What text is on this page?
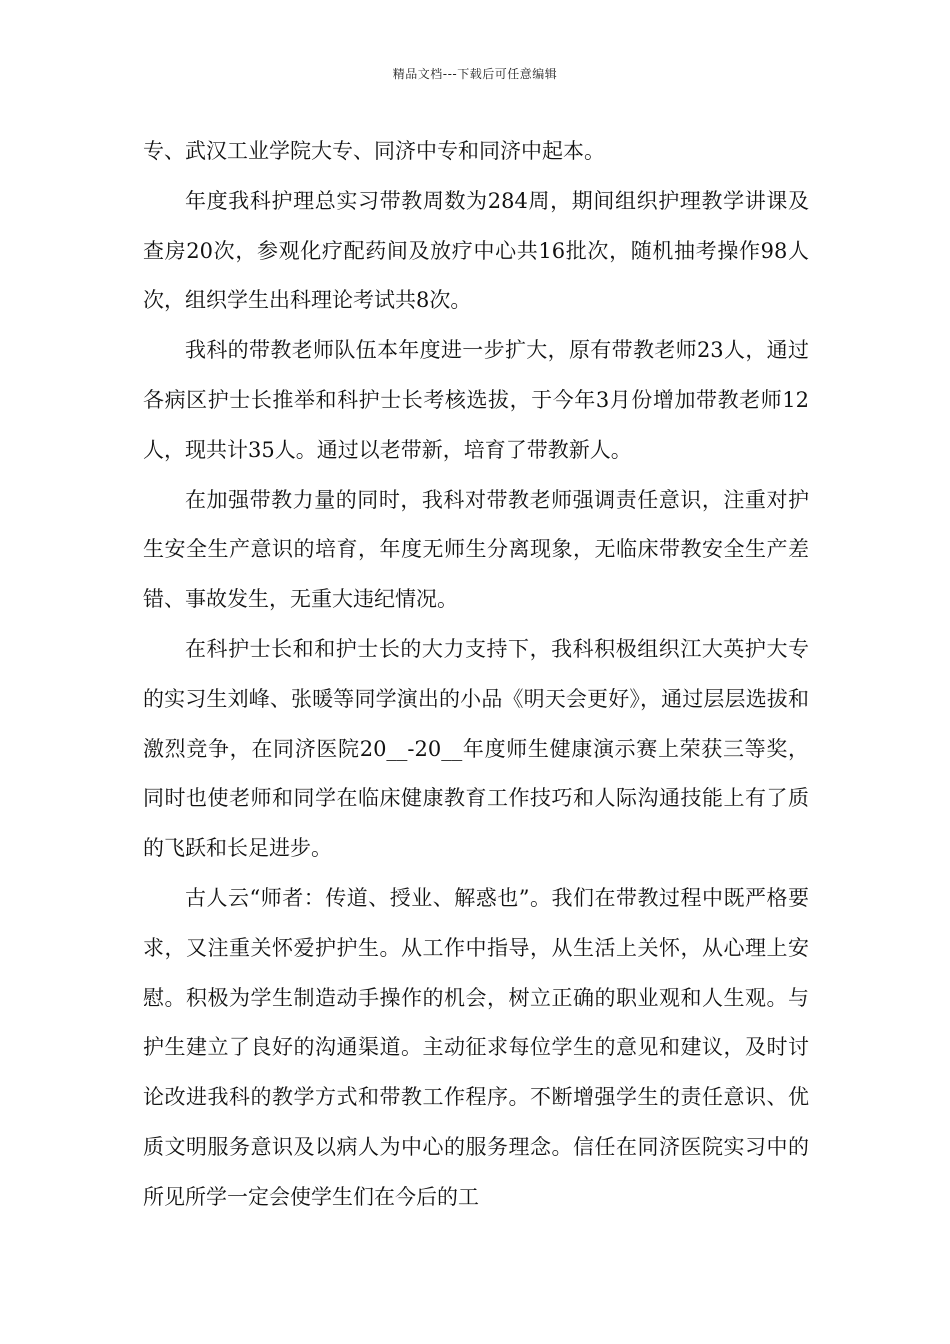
精品文档---下载后可任意编辑

专、武汉工业学院大专、同济中专和同济中起本。

年度我科护理总实习带教周数为284周，期间组织护理教学讲课及查房20次，参观化疗配药间及放疗中心共16批次，随机抽考操作98人次，组织学生出科理论考试共8次。

我科的带教老师队伍本年度进一步扩大，原有带教老师23人，通过各病区护士长推举和科护士长考核选拔，于今年3月份增加带教老师12人，现共计35人。通过以老带新，培育了带教新人。

在加强带教力量的同时，我科对带教老师强调责任意识，注重对护生安全生产意识的培育，年度无师生分离现象，无临床带教安全生产差错、事故发生，无重大违纪情况。

在科护士长和和护士长的大力支持下，我科积极组织江大英护大专的实习生刘峰、张暖等同学演出的小品《明天会更好》，通过层层选拔和激烈竞争，在同济医院20__-20__年度师生健康演示赛上荣获三等奖，同时也使老师和同学在临床健康教育工作技巧和人际沟通技能上有了质的飞跃和长足进步。

古人云“师者：传道、授业、解惑也”。我们在带教过程中既严格要求，又注重关怀爱护护生。从工作中指导，从生活上关怀，从心理上安慰。积极为学生制造动手操作的机会，树立正确的职业观和人生观。与护生建立了良好的沟通渠道。主动征求每位学生的意见和建议，及时讨论改进我科的教学方式和带教工作程序。不断增强学生的责任意识、优质文明服务意识及以病人为中心的服务理念。信任在同济医院实习中的所见所学一定会使学生们在今后的工
